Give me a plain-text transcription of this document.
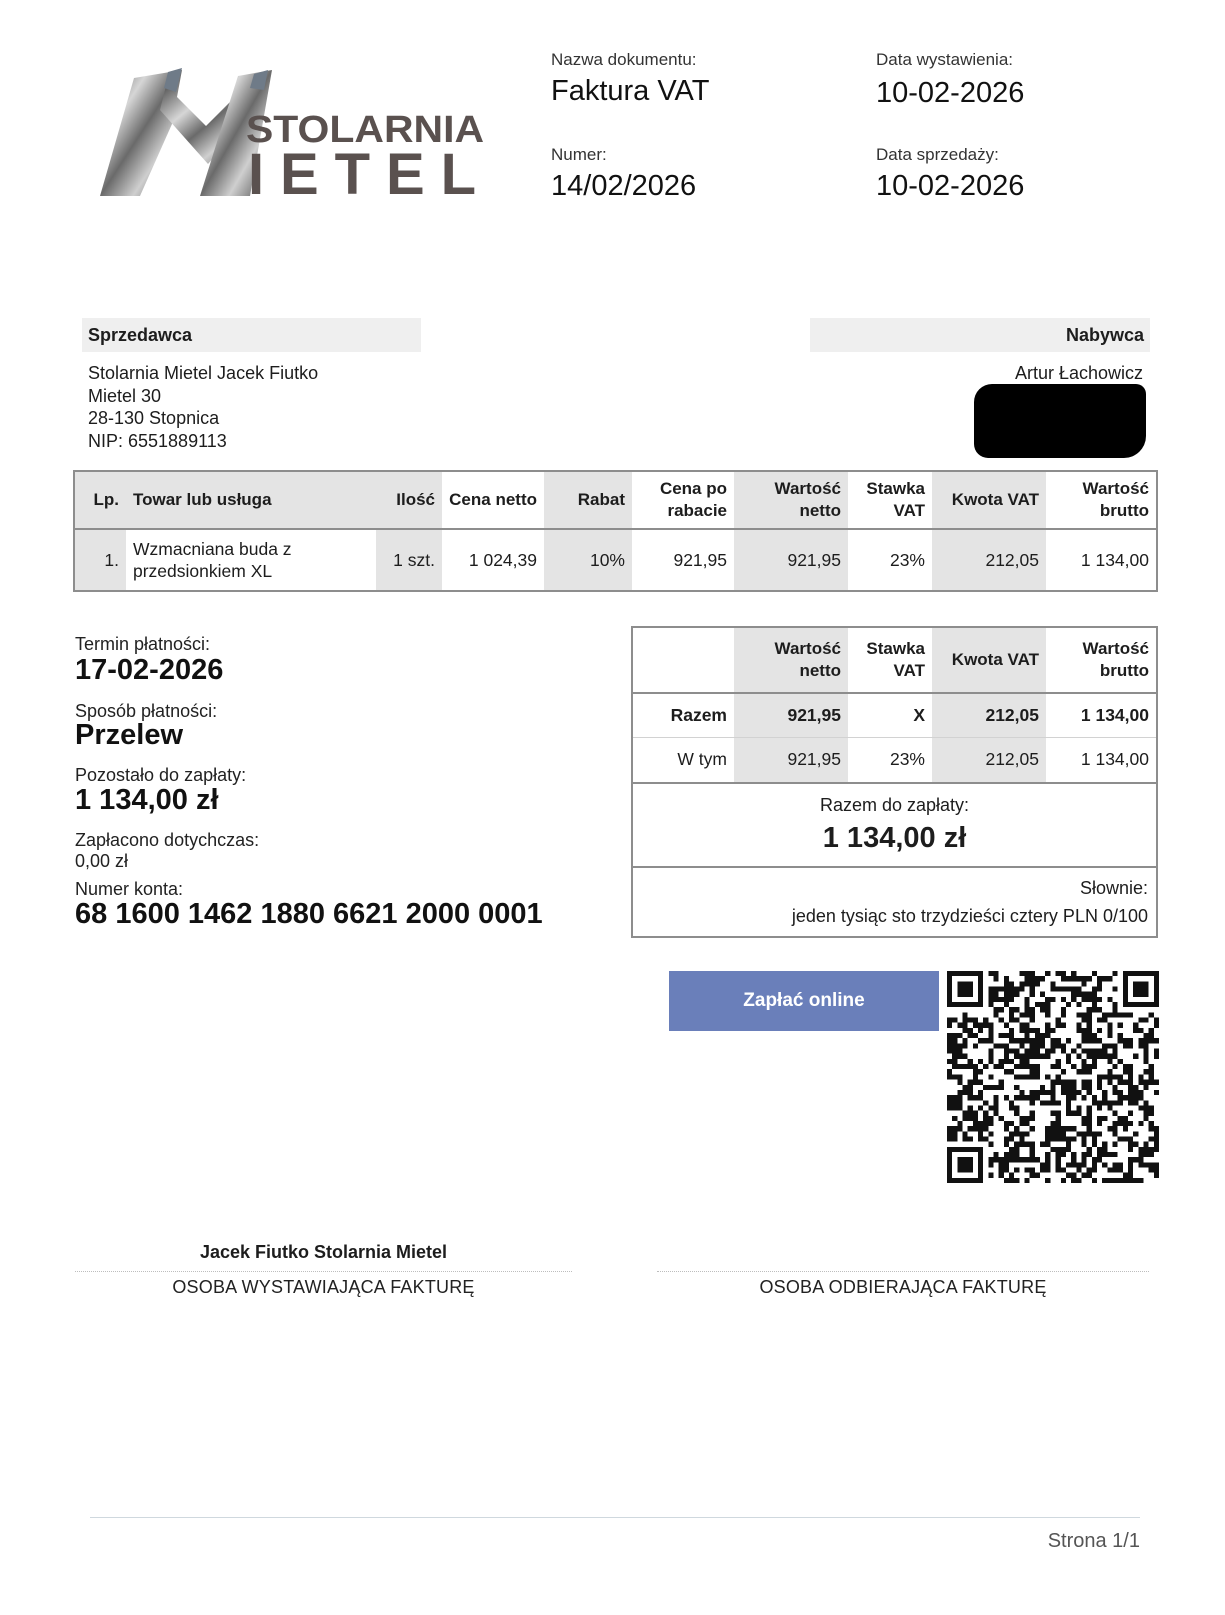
STOLARNIA
IETEL
Nazwa dokumentu:
Faktura VAT
Numer:
14/02/2026
Data wystawienia:
10-02-2026
Data sprzedaży:
10-02-2026
Sprzedawca
Stolarnia Mietel Jacek Fiutko
Mietel 30
28-130 Stopnica
NIP: 6551889113
Nabywca
Artur Łachowicz
Lp.	Towar lub usługa	Ilość	Cena netto	Rabat	Cena po rabacie	Wartość netto	Stawka VAT	Kwota VAT	Wartość brutto
1.	Wzmacniana buda z przedsionkiem XL	1 szt.	1 024,39	10%	921,95	921,95	23%	212,05	1 134,00
Termin płatności:
17-02-2026
Sposób płatności:
Przelew
Pozostało do zapłaty:
1 134,00 zł
Zapłacono dotychczas:
0,00 zł
Numer konta:
68 1600 1462 1880 6621 2000 0001
	Wartość netto	Stawka VAT	Kwota VAT	Wartość brutto
Razem	921,95	X	212,05	1 134,00
W tym	921,95	23%	212,05	1 134,00

Razem do zapłaty:
1 134,00 zł				

Słownie:
jeden tysiąc sto trzydzieści cztery PLN 0/100				
Zapłać online
Jacek Fiutko Stolarnia Mietel
OSOBA WYSTAWIAJĄCA FAKTURĘ	OSOBA ODBIERAJĄCA FAKTURĘ
Strona 1/1
